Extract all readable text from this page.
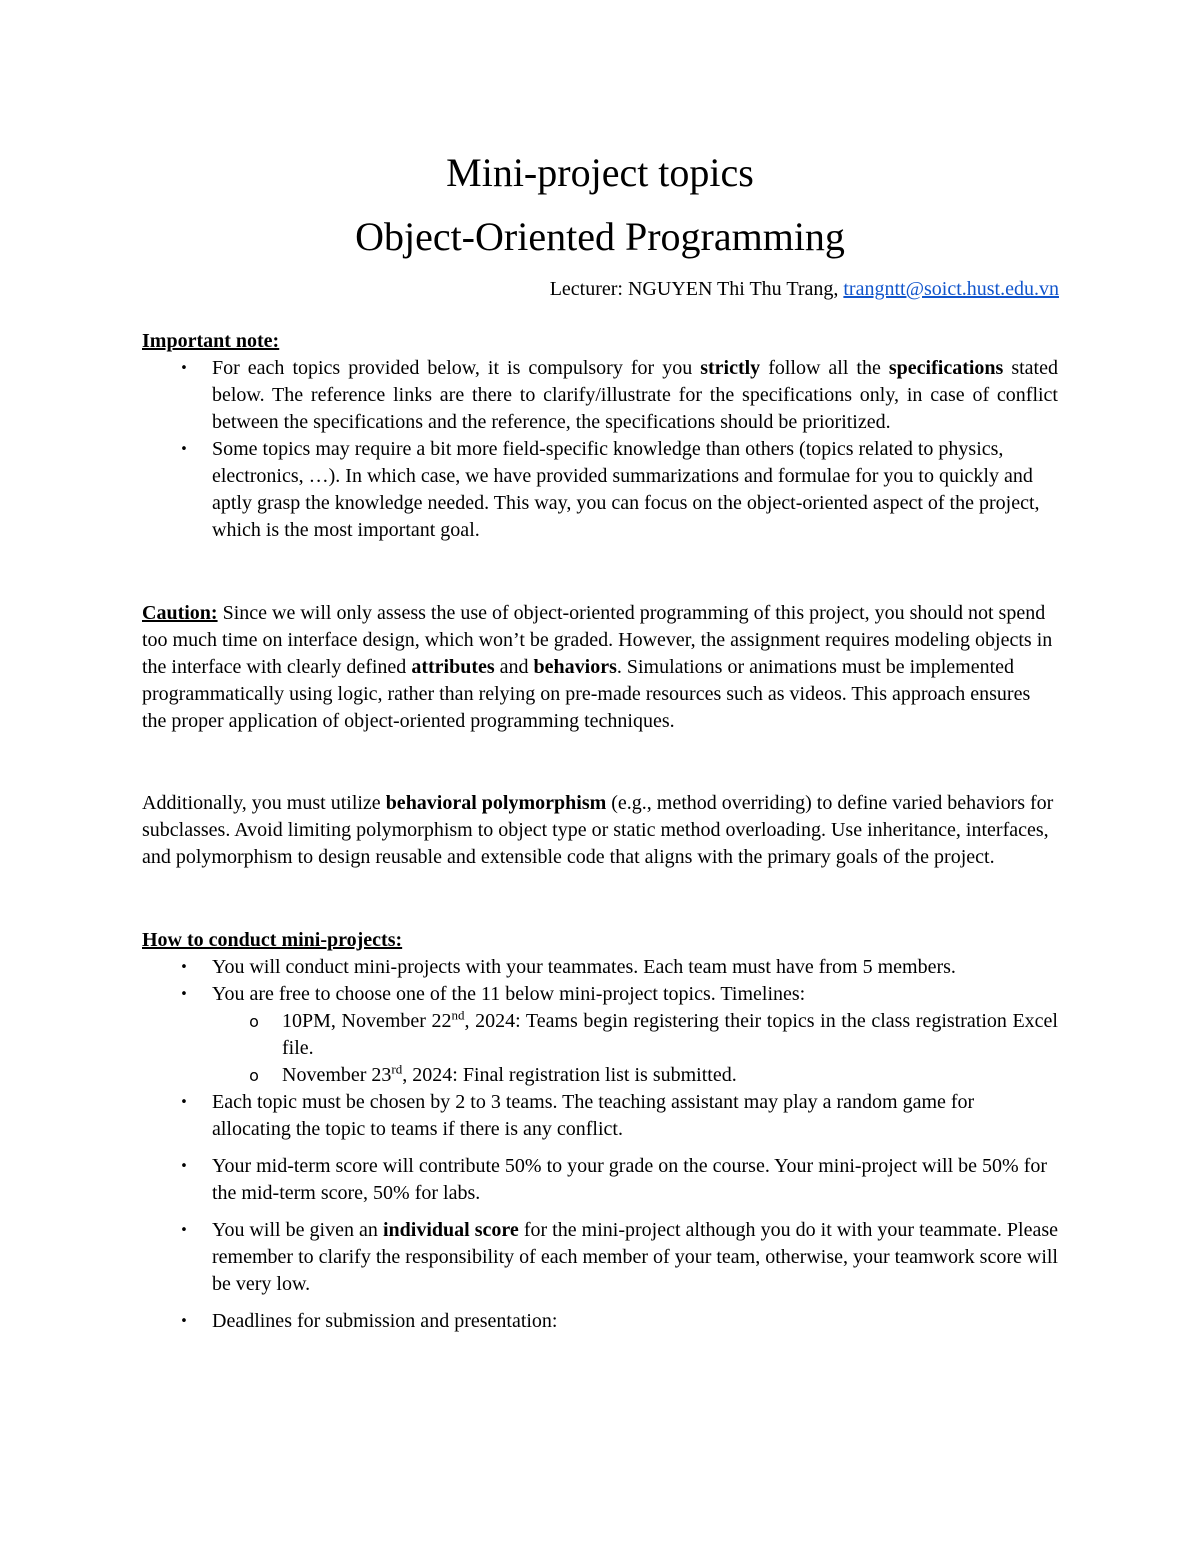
Mini-project topics
Object-Oriented Programming
Lecturer: NGUYEN Thi Thu Trang, trangntt@soict.hust.edu.vn
Important note:
•	For each topics provided below, it is compulsory for you strictly follow all the specifications stated below. The reference links are there to clarify/illustrate for the specifications only, in case of conflict between the specifications and the reference, the specifications should be prioritized.
•	Some topics may require a bit more field-specific knowledge than others (topics related to physics, electronics, …). In which case, we have provided summarizations and formulae for you to quickly and aptly grasp the knowledge needed. This way, you can focus on the object-oriented aspect of the project, which is the most important goal.
Caution: Since we will only assess the use of object-oriented programming of this project, you should not spend too much time on interface design, which won’t be graded. However, the assignment requires modeling objects in the interface with clearly defined attributes and behaviors. Simulations or animations must be implemented programmatically using logic, rather than relying on pre-made resources such as videos. This approach ensures the proper application of object-oriented programming techniques.
Additionally, you must utilize behavioral polymorphism (e.g., method overriding) to define varied behaviors for subclasses. Avoid limiting polymorphism to object type or static method overloading. Use inheritance, interfaces, and polymorphism to design reusable and extensible code that aligns with the primary goals of the project.
How to conduct mini-projects:
•	You will conduct mini-projects with your teammates. Each team must have from 5 members.
•	You are free to choose one of the 11 below mini-project topics. Timelines:
o 10PM, November 22nd, 2024: Teams begin registering their topics in the class registration Excel file.
o November 23rd, 2024: Final registration list is submitted.
•	Each topic must be chosen by 2 to 3 teams. The teaching assistant may play a random game for allocating the topic to teams if there is any conflict.
•	Your mid-term score will contribute 50% to your grade on the course. Your mini-project will be 50% for the mid-term score, 50% for labs.
•	You will be given an individual score for the mini-project although you do it with your teammate. Please remember to clarify the responsibility of each member of your team, otherwise, your teamwork score will be very low.
•	Deadlines for submission and presentation:
